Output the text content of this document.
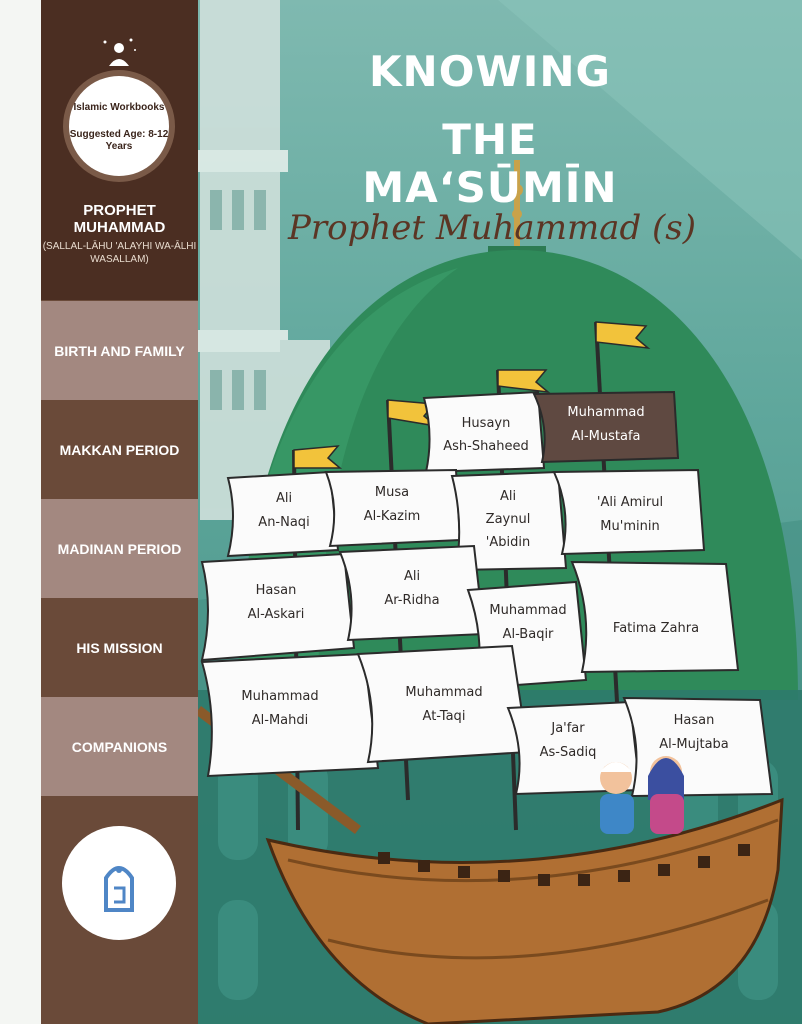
KNOWING
THE MA‘SŪMĪN
Prophet Muhammad (s)
Husayn
Ash-Shaheed
Muhammad
Al-Mustafa
Ali
An-Naqi
Musa
Al-Kazim
Ali
Zaynul
'Abidin
'Ali Amirul
Mu'minin
Hasan
Al-Askari
Ali
Ar-Ridha
Muhammad
Al-Baqir	Fatima Zahra
Muhammad
Al-Mahdi
Muhammad
At-Taqi
Ja'far
As-Sadiq
Hasan
Al-Mujtaba
Islamic Workbooks
Suggested Age: 8-12 Years
PROPHET MUHAMMAD
(SALLAL-LĀHU 'ALAYHI WA-ĀLHI WASALLAM)
BIRTH AND FAMILY
MAKKAN PERIOD
MADINAN PERIOD
HIS MISSION
COMPANIONS
